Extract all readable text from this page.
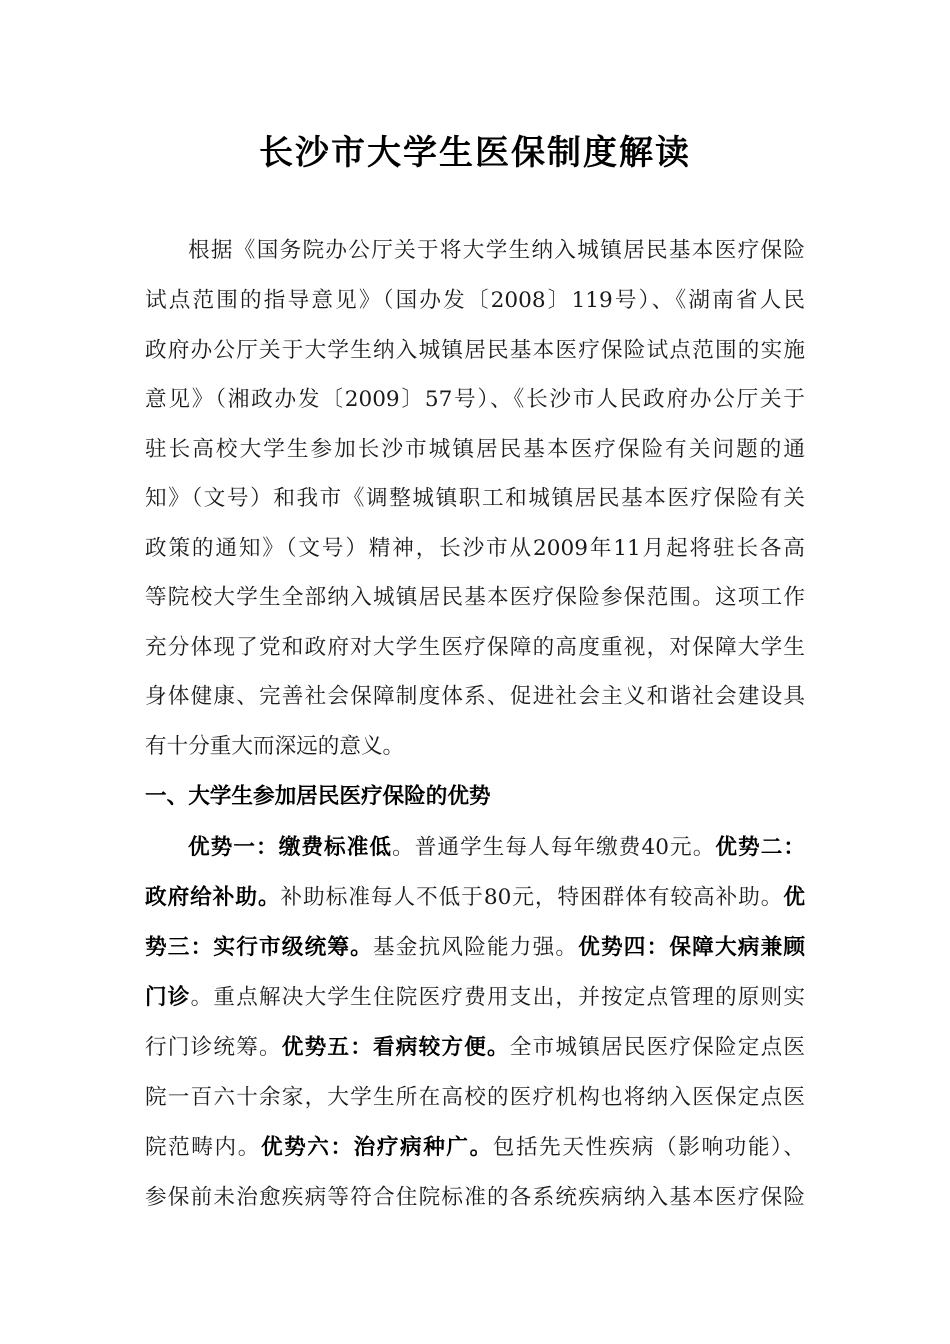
长沙市大学生医保制度解读
根据《国务院办公厅关于将大学生纳入城镇居民基本医疗保险
试点范围的指导意见》（国办发〔2008〕119号）、《湖南省人民
政府办公厅关于大学生纳入城镇居民基本医疗保险试点范围的实施
意见》（湘政办发〔2009〕57号）、《长沙市人民政府办公厅关于
驻长高校大学生参加长沙市城镇居民基本医疗保险有关问题的通
知》（文号）和我市《调整城镇职工和城镇居民基本医疗保险有关
政策的通知》（文号）精神，长沙市从2009年11月起将驻长各高
等院校大学生全部纳入城镇居民基本医疗保险参保范围。这项工作
充分体现了党和政府对大学生医疗保障的高度重视，对保障大学生
身体健康、完善社会保障制度体系、促进社会主义和谐社会建设具
有十分重大而深远的意义。
一、大学生参加居民医疗保险的优势
优势一：缴费标准低。普通学生每人每年缴费40元。优势二：
政府给补助。补助标准每人不低于80元，特困群体有较高补助。优
势三：实行市级统筹。基金抗风险能力强。优势四：保障大病兼顾
门诊。重点解决大学生住院医疗费用支出，并按定点管理的原则实
行门诊统筹。优势五：看病较方便。全市城镇居民医疗保险定点医
院一百六十余家，大学生所在高校的医疗机构也将纳入医保定点医
院范畴内。优势六：治疗病种广。包括先天性疾病（影响功能）、
参保前未治愈疾病等符合住院标准的各系统疾病纳入基本医疗保险
